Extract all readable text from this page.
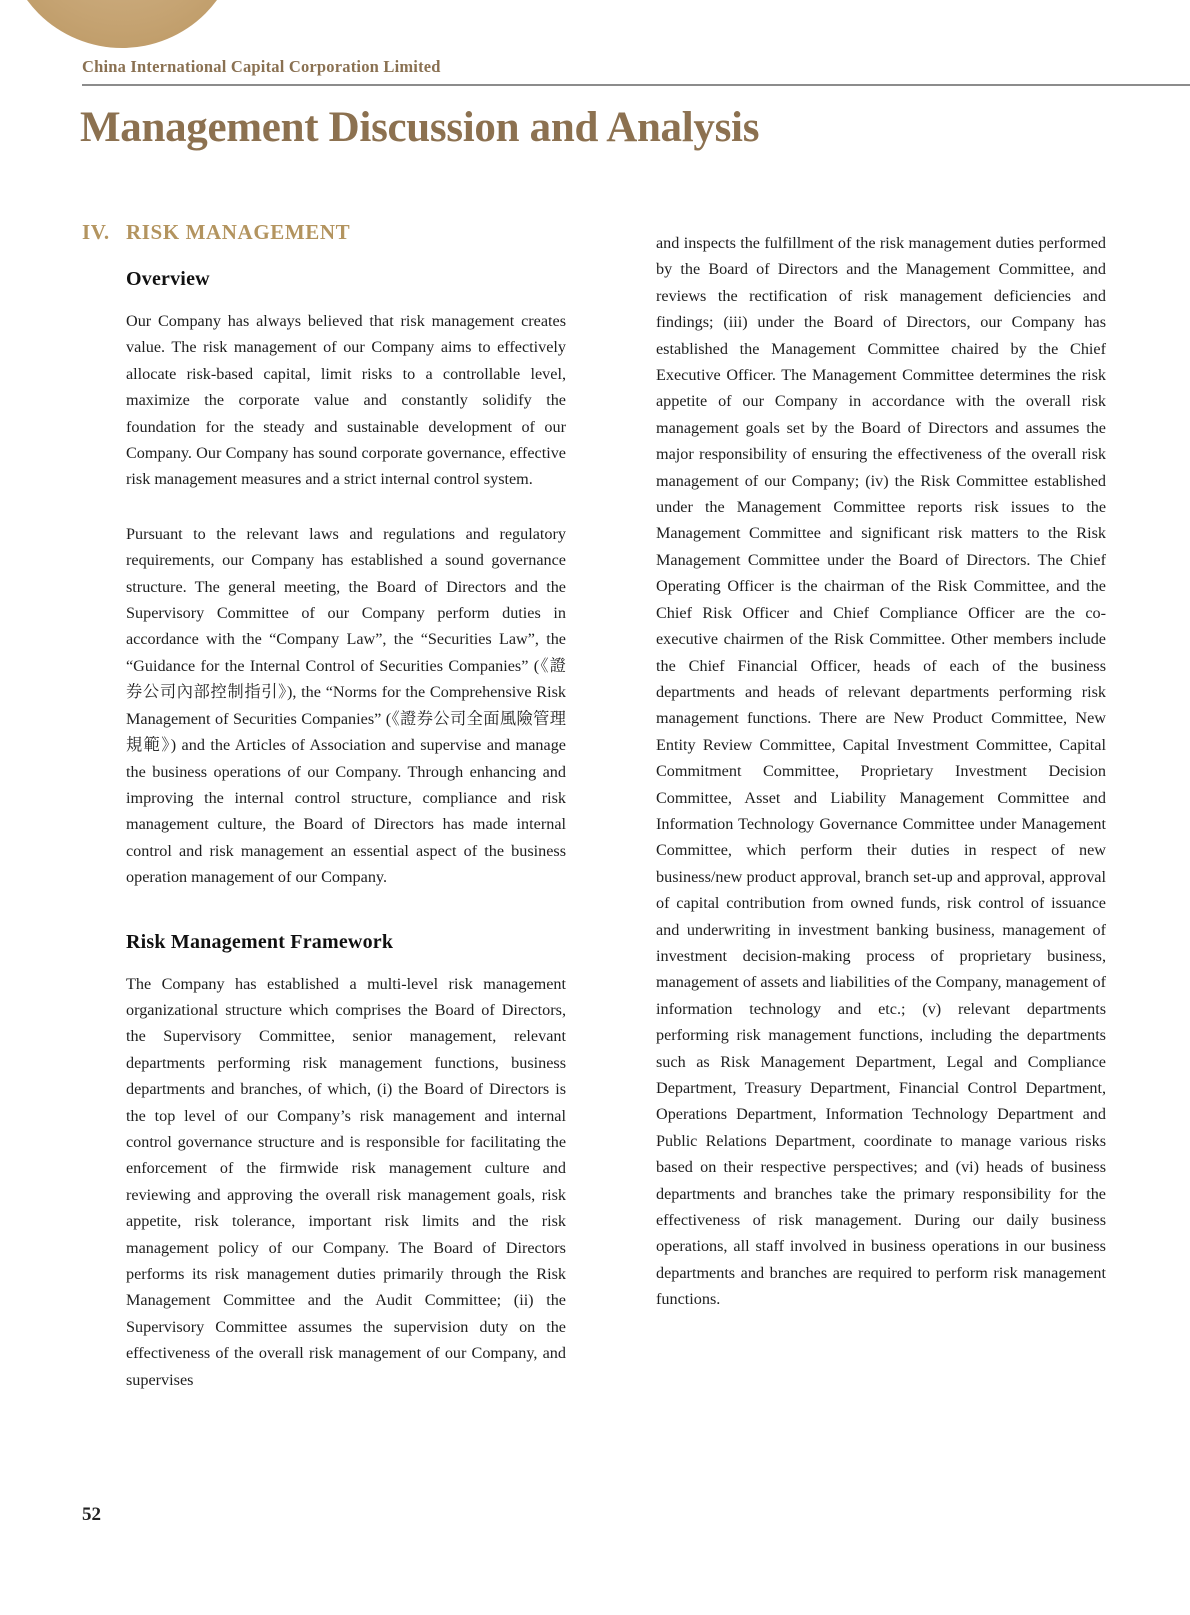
China International Capital Corporation Limited
Management Discussion and Analysis
IV. RISK MANAGEMENT
Overview

Our Company has always believed that risk management creates value. The risk management of our Company aims to effectively allocate risk-based capital, limit risks to a controllable level, maximize the corporate value and constantly solidify the foundation for the steady and sustainable development of our Company. Our Company has sound corporate governance, effective risk management measures and a strict internal control system.

Pursuant to the relevant laws and regulations and regulatory requirements, our Company has established a sound governance structure. The general meeting, the Board of Directors and the Supervisory Committee of our Company perform duties in accordance with the “Company Law”, the “Securities Law”, the “Guidance for the Internal Control of Securities Companies” (《證券公司內部控制指引》), the “Norms for the Comprehensive Risk Management of Securities Companies” (《證券公司全面風險管理規範》) and the Articles of Association and supervise and manage the business operations of our Company. Through enhancing and improving the internal control structure, compliance and risk management culture, the Board of Directors has made internal control and risk management an essential aspect of the business operation management of our Company.

Risk Management Framework

The Company has established a multi-level risk management organizational structure which comprises the Board of Directors, the Supervisory Committee, senior management, relevant departments performing risk management functions, business departments and branches, of which, (i) the Board of Directors is the top level of our Company’s risk management and internal control governance structure and is responsible for facilitating the enforcement of the firmwide risk management culture and reviewing and approving the overall risk management goals, risk appetite, risk tolerance, important risk limits and the risk management policy of our Company. The Board of Directors performs its risk management duties primarily through the Risk Management Committee and the Audit Committee; (ii) the Supervisory Committee assumes the supervision duty on the effectiveness of the overall risk management of our Company, and supervises

and inspects the fulfillment of the risk management duties performed by the Board of Directors and the Management Committee, and reviews the rectification of risk management deficiencies and findings; (iii) under the Board of Directors, our Company has established the Management Committee chaired by the Chief Executive Officer. The Management Committee determines the risk appetite of our Company in accordance with the overall risk management goals set by the Board of Directors and assumes the major responsibility of ensuring the effectiveness of the overall risk management of our Company; (iv) the Risk Committee established under the Management Committee reports risk issues to the Management Committee and significant risk matters to the Risk Management Committee under the Board of Directors. The Chief Operating Officer is the chairman of the Risk Committee, and the Chief Risk Officer and Chief Compliance Officer are the co-executive chairmen of the Risk Committee. Other members include the Chief Financial Officer, heads of each of the business departments and heads of relevant departments performing risk management functions. There are New Product Committee, New Entity Review Committee, Capital Investment Committee, Capital Commitment Committee, Proprietary Investment Decision Committee, Asset and Liability Management Committee and Information Technology Governance Committee under Management Committee, which perform their duties in respect of new business/new product approval, branch set-up and approval, approval of capital contribution from owned funds, risk control of issuance and underwriting in investment banking business, management of investment decision-making process of proprietary business, management of assets and liabilities of the Company, management of information technology and etc.; (v) relevant departments performing risk management functions, including the departments such as Risk Management Department, Legal and Compliance Department, Treasury Department, Financial Control Department, Operations Department, Information Technology Department and Public Relations Department, coordinate to manage various risks based on their respective perspectives; and (vi) heads of business departments and branches take the primary responsibility for the effectiveness of risk management. During our daily business operations, all staff involved in business operations in our business departments and branches are required to perform risk management functions.

52
